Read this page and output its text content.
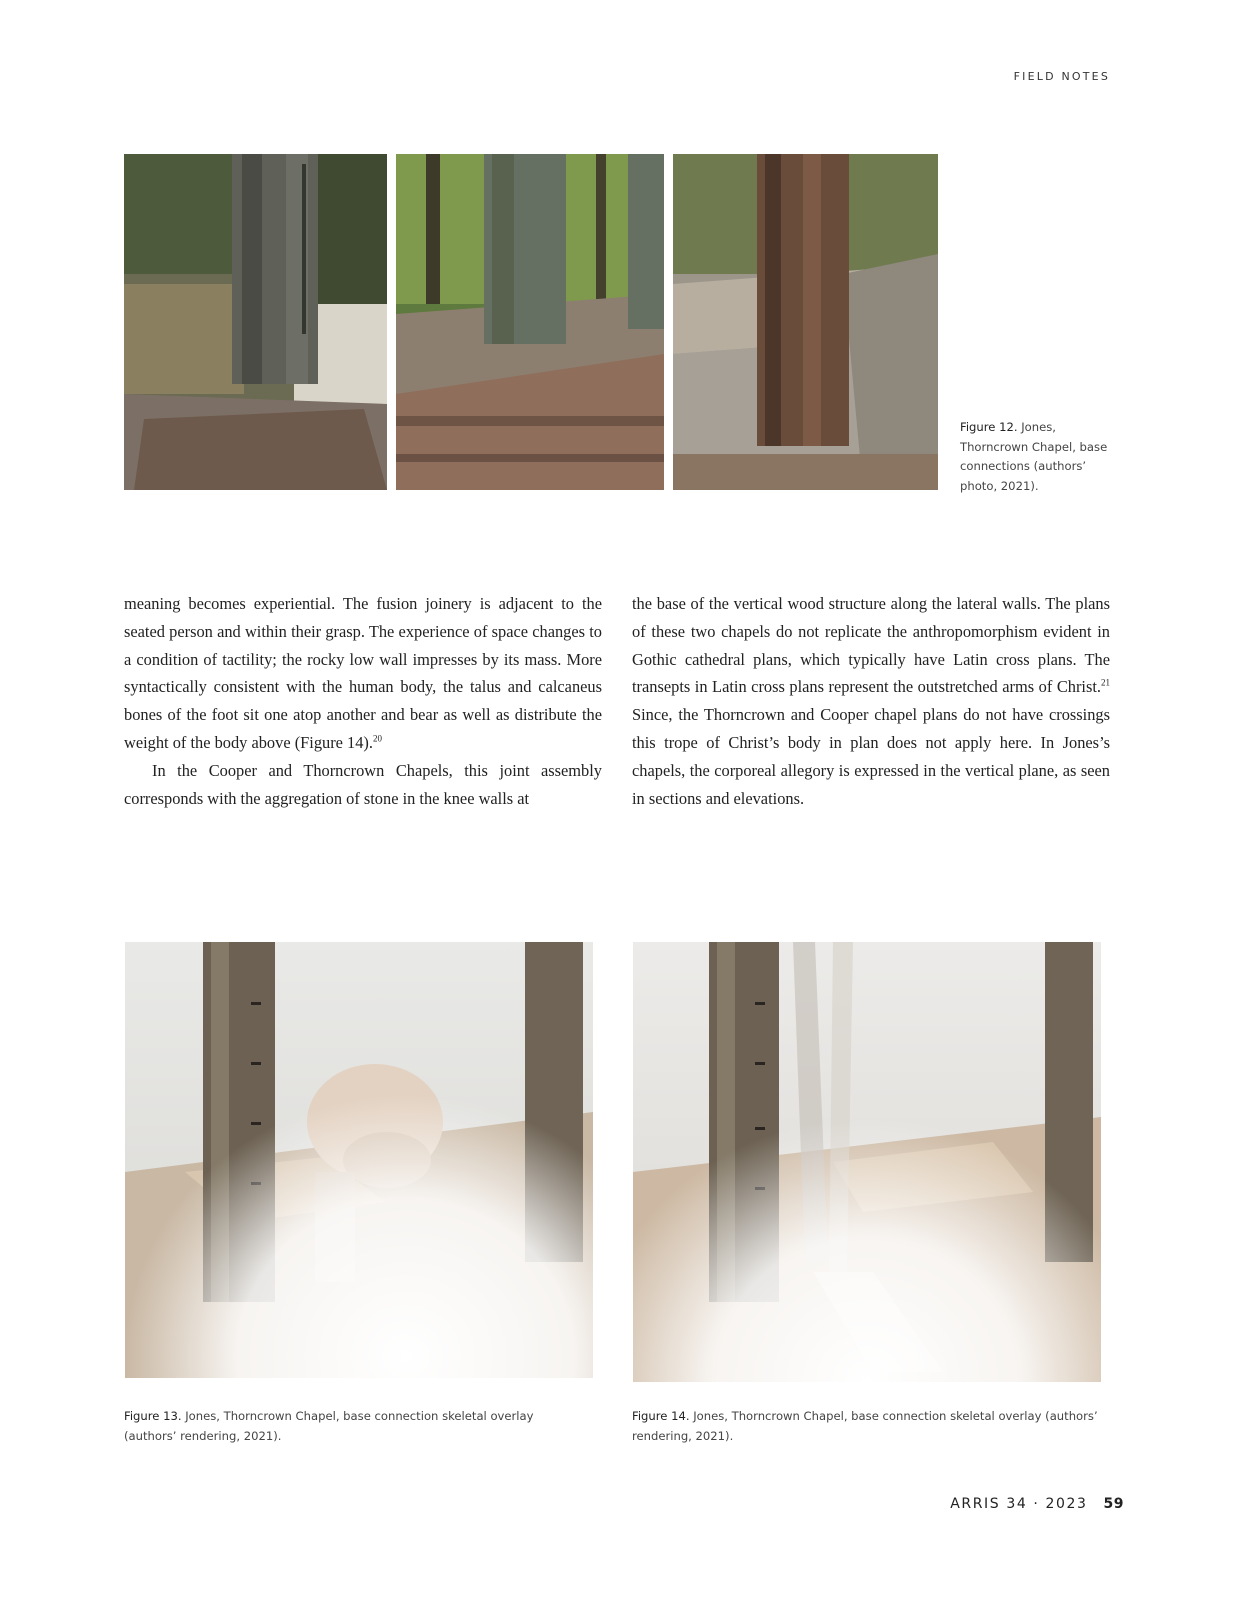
FIELD NOTES
Figure 12. Jones, Thorncrown Chapel, base connections (authors’ photo, 2021).

meaning becomes experiential. The fusion joinery is adjacent to the seated person and within their grasp. The experience of space changes to a condition of tactility; the rocky low wall impresses by its mass. More syntactically consistent with the human body, the talus and calcaneus bones of the foot sit one atop another and bear as well as distribute the weight of the body above (Figure 14).$^{20}$

In the Cooper and Thorncrown Chapels, this joint assembly corresponds with the aggregation of stone in the knee walls at

the base of the vertical wood structure along the lateral walls. The plans of these two chapels do not replicate the anthropomorphism evident in Gothic cathedral plans, which typically have Latin cross plans. The transepts in Latin cross plans represent the outstretched arms of Christ.$^{21}$ Since, the Thorncrown and Cooper chapel plans do not have crossings this trope of Christ’s body in plan does not apply here. In Jones’s chapels, the corporeal allegory is expressed in the vertical plane, as seen in sections and elevations.

Figure 13. Jones, Thorncrown Chapel, base connection skeletal overlay (authors’ rendering, 2021).
Figure 14. Jones, Thorncrown Chapel, base connection skeletal overlay (authors’ rendering, 2021).
ARRIS 34 · 2023 59
